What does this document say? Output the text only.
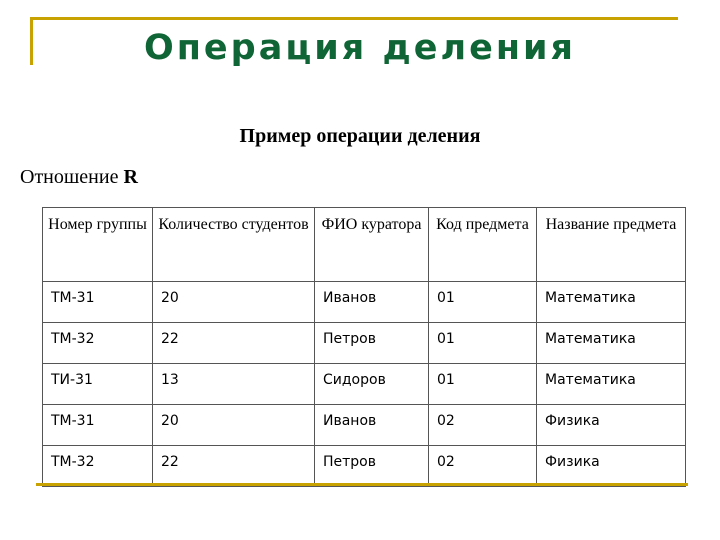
Операция деления
Пример операции деления
Отношение R
Номер группы	Количество студентов	ФИО куратора	Код предмета	Название предмета
ТМ-31	20	Иванов	01	Математика
ТМ-32	22	Петров	01	Математика
ТИ-31	13	Сидоров	01	Математика
ТМ-31	20	Иванов	02	Физика
ТМ-32	22	Петров	02	Физика
